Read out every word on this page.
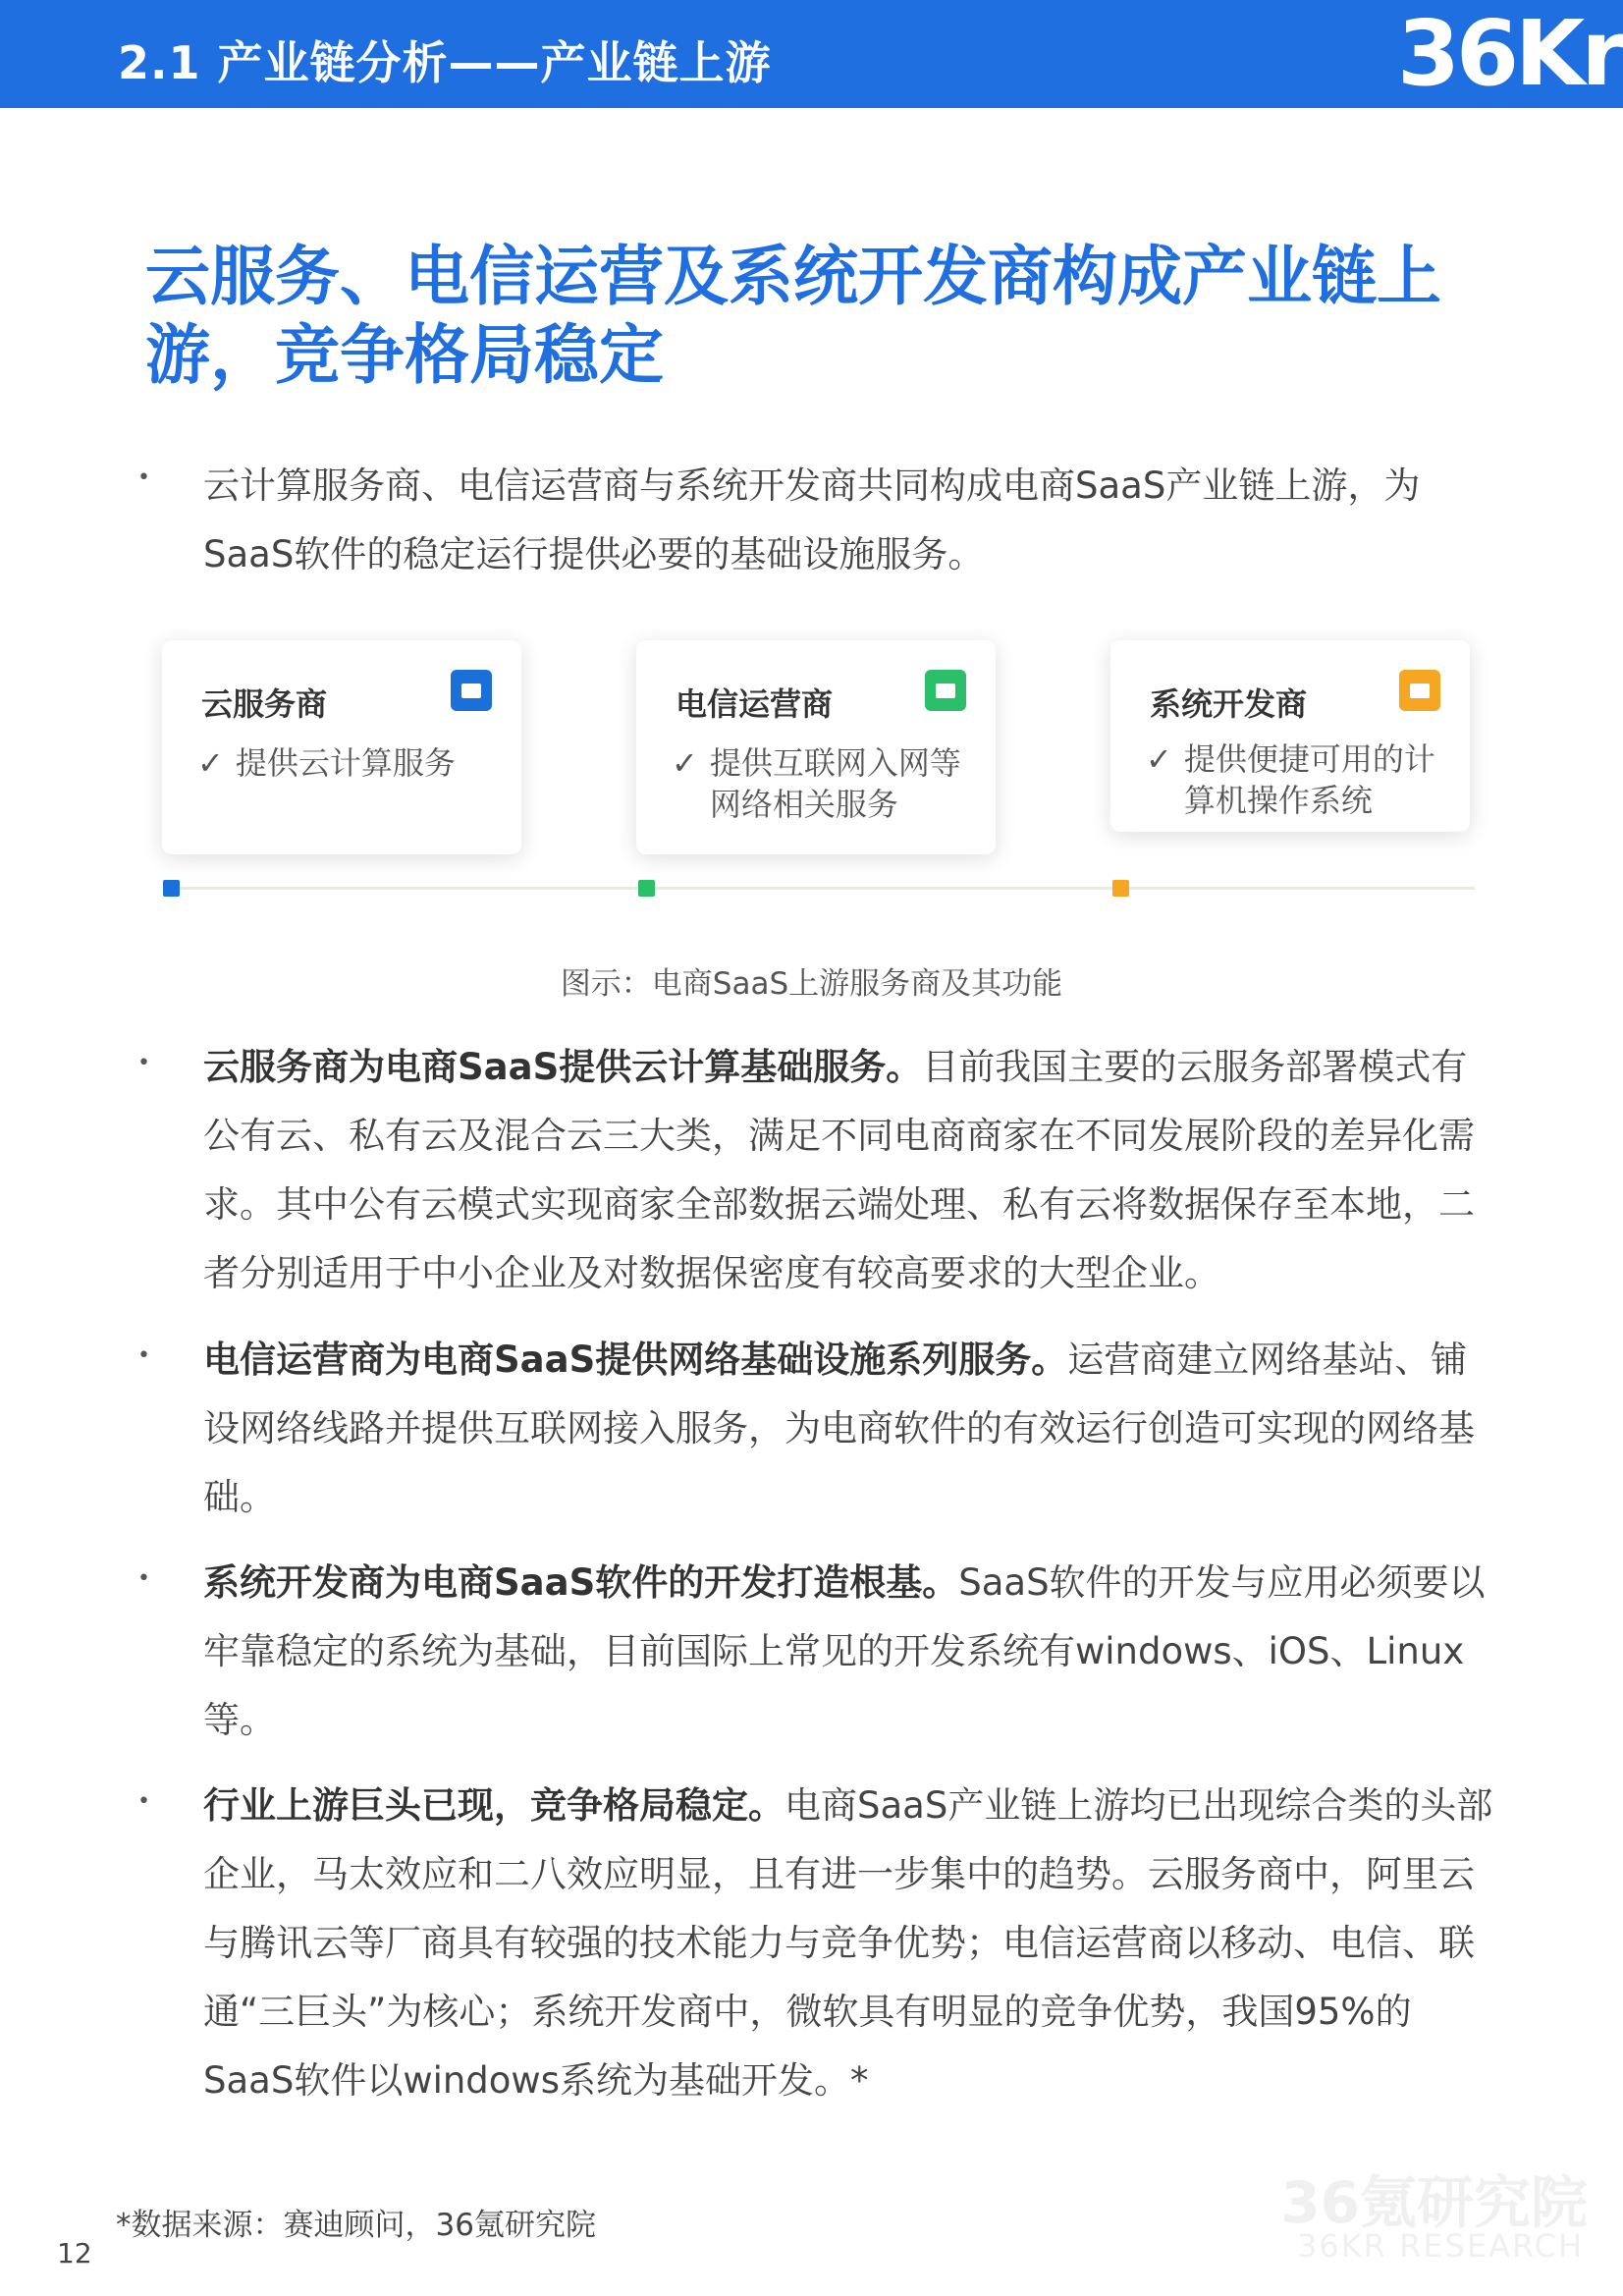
2.1 产业链分析——产业链上游	36Kr
云服务、电信运营及系统开发商构成产业链上游，竞争格局稳定
• 云计算服务商、电信运营商与系统开发商共同构成电商SaaS产业链上游，为SaaS软件的稳定运行提供必要的基础设施服务。
云服务商
✓ 提供云计算服务
电信运营商
✓ 提供互联网入网等网络相关服务
系统开发商
✓ 提供便捷可用的计算机操作系统
图示：电商SaaS上游服务商及其功能
• 云服务商为电商SaaS提供云计算基础服务。目前我国主要的云服务部署模式有公有云、私有云及混合云三大类，满足不同电商商家在不同发展阶段的差异化需求。其中公有云模式实现商家全部数据云端处理、私有云将数据保存至本地，二者分别适用于中小企业及对数据保密度有较高要求的大型企业。
• 电信运营商为电商SaaS提供网络基础设施系列服务。运营商建立网络基站、铺设网络线路并提供互联网接入服务，为电商软件的有效运行创造可实现的网络基础。
• 系统开发商为电商SaaS软件的开发打造根基。SaaS软件的开发与应用必须要以牢靠稳定的系统为基础，目前国际上常见的开发系统有windows、iOS、Linux等。
• 行业上游巨头已现，竞争格局稳定。电商SaaS产业链上游均已出现综合类的头部企业，马太效应和二八效应明显，且有进一步集中的趋势。云服务商中，阿里云与腾讯云等厂商具有较强的技术能力与竞争优势；电信运营商以移动、电信、联通“三巨头”为核心；系统开发商中，微软具有明显的竞争优势，我国95%的SaaS软件以windows系统为基础开发。*
36氪研究院
36KR RESEARCH
*数据来源：赛迪顾问，36氪研究院
12
